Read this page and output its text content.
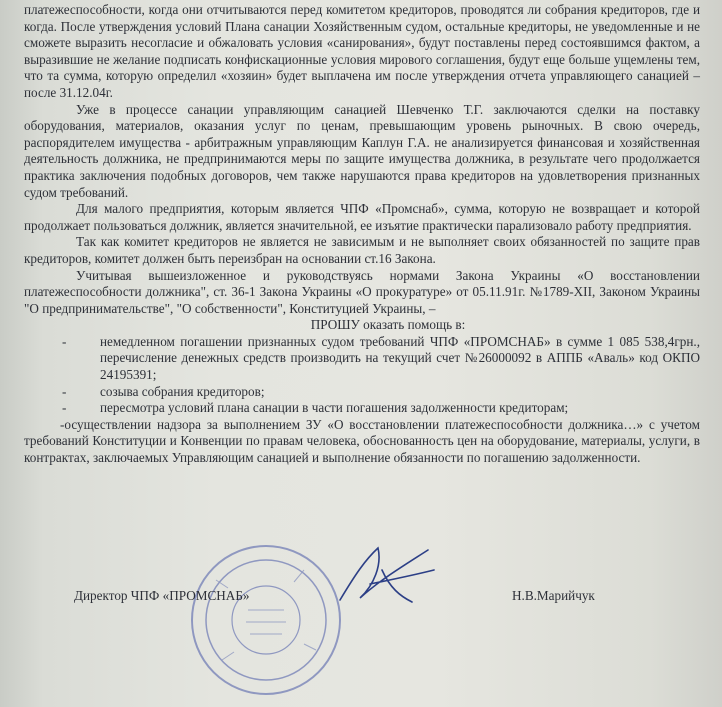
платежеспособности, когда они отчитываются перед комитетом кредиторов, проводятся ли собрания кредиторов, где и когда. После утверждения условий Плана санации Хозяйственным судом, остальные кредиторы, не уведомленные и не сможете выразить несогласие и обжаловать условия «санирования», будут поставлены перед состоявшимся фактом, а выразившие не желание подписать конфискационные условия мирового соглашения, будут еще больше ущемлены тем, что та сумма, которую определил «хозяин» будет выплачена им после утверждения отчета управляющего санацией – после 31.12.04г.

Уже в процессе санации управляющим санацией Шевченко Т.Г. заключаются сделки на поставку оборудования, материалов, оказания услуг по ценам, превышающим уровень рыночных. В свою очередь, распорядителем имущества - арбитражным управляющим Каплун Г.А. не анализируется финансовая и хозяйственная деятельность должника, не предпринимаются меры по защите имущества должника, в результате чего продолжается практика заключения подобных договоров, чем также нарушаются права кредиторов на удовлетворения признанных судом требований.

Для малого предприятия, которым является ЧПФ «Промснаб», сумма, которую не возвращает и которой продолжает пользоваться должник, является значительной, ее изъятие практически парализовало работу предприятия.

Так как комитет кредиторов не является не зависимым и не выполняет своих обязанностей по защите прав кредиторов, комитет должен быть переизбран на основании ст.16 Закона.

Учитывая вышеизложенное и руководствуясь нормами Закона Украины «О восстановлении платежеспособности должника", ст. 36-1 Закона Украины «О прокуратуре» от 05.11.91г. №1789-XII, Законом Украины "О предпринимательстве", "О собственности", Конституцией Украины, –

ПРОШУ оказать помощь в:

- немедленном погашении признанных судом требований ЧПФ «ПРОМСНАБ» в сумме 1 085 538,4грн., перечисление денежных средств производить на текущий счет №26000092 в АППБ «Аваль» код ОКПО 24195391;
- созыва собрания кредиторов;
- пересмотра условий плана санации в части погашения задолженности кредиторам;

-осуществлении надзора за выполнением ЗУ «О восстановлении платежеспособности должника…» с учетом требований Конституции и Конвенции по правам человека, обоснованность цен на оборудование, материалы, услуги, в контрактах, заключаемых Управляющим санацией и выполнение обязанности по погашению задолженности.

Директор ЧПФ «ПРОМСНАБ»	Н.В.Марийчук
